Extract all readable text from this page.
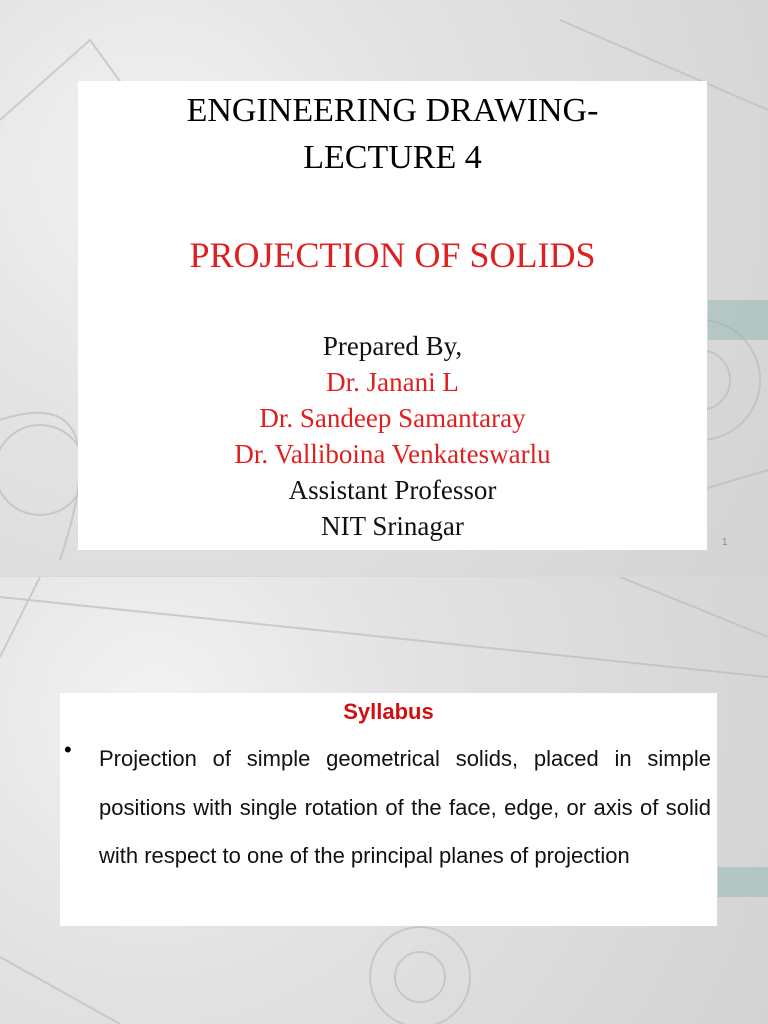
ENGINEERING DRAWING-
LECTURE 4
PROJECTION OF SOLIDS
Prepared By,
Dr. Janani L
Dr. Sandeep Samantaray
Dr. Valliboina Venkateswarlu
Assistant Professor
NIT Srinagar
1
Syllabus
• Projection of simple geometrical solids, placed in simple positions with single rotation of the face, edge, or axis of solid with respect to one of the principal planes of projection
